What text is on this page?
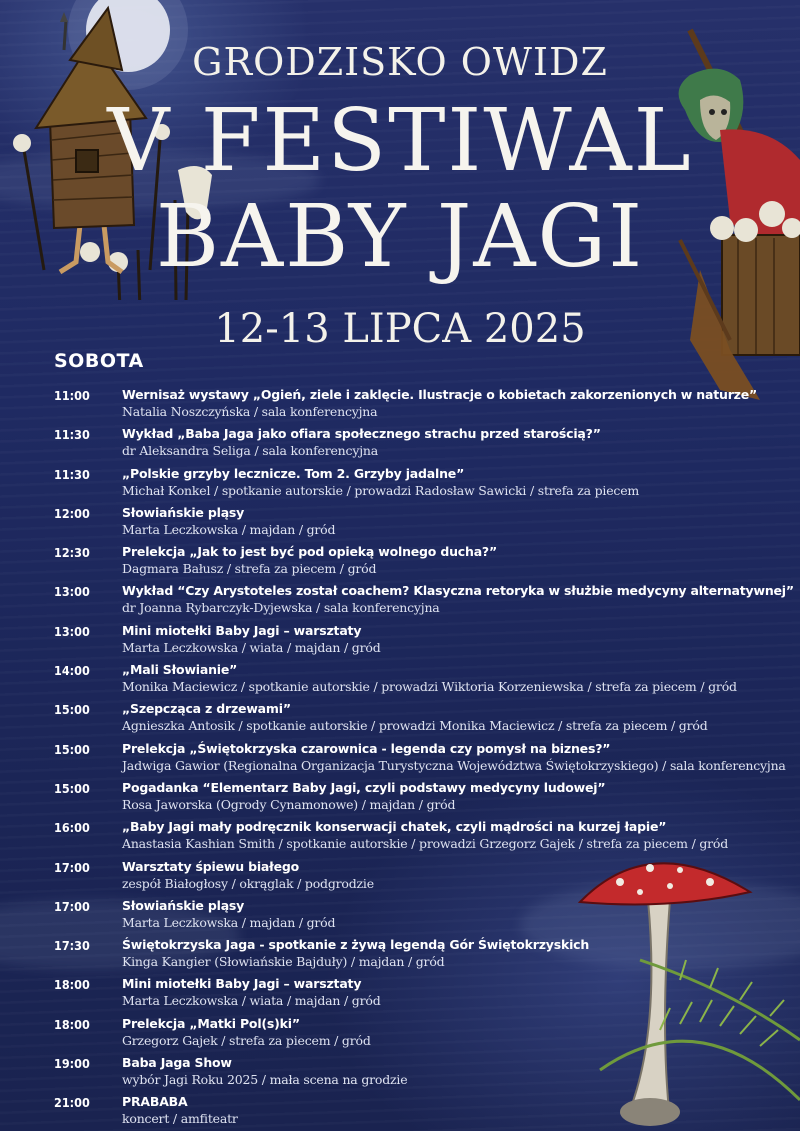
GRODZISKO OWIDZ
V FESTIWAL
BABY JAGI
12-13 LIPCA 2025
SOBOTA
11:00	Wernisaż wystawy „Ogień, ziele i zaklęcie. Ilustracje o kobietach zakorzenionych w naturze”
Natalia Noszczyńska / sala konferencyjna
11:30	Wykład „Baba Jaga jako ofiara społecznego strachu przed starością?”
dr Aleksandra Seliga / sala konferencyjna
11:30	„Polskie grzyby lecznicze. Tom 2. Grzyby jadalne”
Michał Konkel / spotkanie autorskie / prowadzi Radosław Sawicki / strefa za piecem
12:00	Słowiańskie pląsy
Marta Leczkowska / majdan / gród
12:30	Prelekcja „Jak to jest być pod opieką wolnego ducha?”
Dagmara Bałusz / strefa za piecem / gród
13:00	Wykład “Czy Arystoteles został coachem? Klasyczna retoryka w służbie medycyny alternatywnej”
dr Joanna Rybarczyk-Dyjewska / sala konferencyjna
13:00	Mini miotełki Baby Jagi – warsztaty
Marta Leczkowska / wiata / majdan / gród
14:00	„Mali Słowianie”
Monika Maciewicz / spotkanie autorskie / prowadzi Wiktoria Korzeniewska / strefa za piecem / gród
15:00	„Szepcząca z drzewami”
Agnieszka Antosik / spotkanie autorskie / prowadzi Monika Maciewicz / strefa za piecem / gród
15:00	Prelekcja „Świętokrzyska czarownica - legenda czy pomysł na biznes?”
Jadwiga Gawior (Regionalna Organizacja Turystyczna Województwa Świętokrzyskiego) / sala konferencyjna
15:00	Pogadanka “Elementarz Baby Jagi, czyli podstawy medycyny ludowej”
Rosa Jaworska (Ogrody Cynamonowe) / majdan / gród
16:00	„Baby Jagi mały podręcznik konserwacji chatek, czyli mądrości na kurzej łapie”
Anastasia Kashian Smith / spotkanie autorskie / prowadzi Grzegorz Gajek / strefa za piecem / gród
17:00	Warsztaty śpiewu białego
zespół Białogłosy / okrąglak / podgrodzie
17:00	Słowiańskie pląsy
Marta Leczkowska / majdan / gród
17:30	Świętokrzyska Jaga - spotkanie z żywą legendą Gór Świętokrzyskich
Kinga Kangier (Słowiańskie Bajduły) / majdan / gród
18:00	Mini miotełki Baby Jagi – warsztaty
Marta Leczkowska / wiata / majdan / gród
18:00	Prelekcja „Matki Pol(s)ki”
Grzegorz Gajek / strefa za piecem / gród
19:00	Baba Jaga Show
wybór Jagi Roku 2025 / mała scena na grodzie
21:00	PRABABA
koncert / amfiteatr
